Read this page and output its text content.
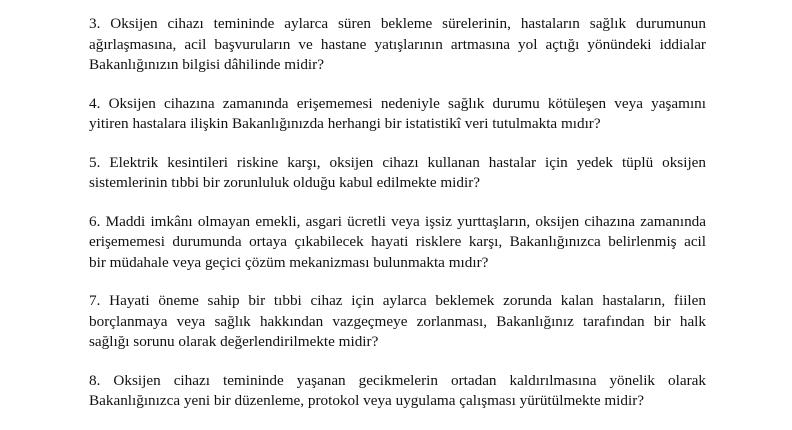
3. Oksijen cihazı temininde aylarca süren bekleme sürelerinin, hastaların sağlık durumunun
ağırlaşmasına, acil başvuruların ve hastane yatışlarının artmasına yol açtığı yönündeki iddialar
Bakanlığınızın bilgisi dâhilinde midir?
4. Oksijen cihazına zamanında erişememesi nedeniyle sağlık durumu kötüleşen veya yaşamını
yitiren hastalara ilişkin Bakanlığınızda herhangi bir istatistikî veri tutulmakta mıdır?
5. Elektrik kesintileri riskine karşı, oksijen cihazı kullanan hastalar için yedek tüplü oksijen
sistemlerinin tıbbi bir zorunluluk olduğu kabul edilmekte midir?
6. Maddi imkânı olmayan emekli, asgari ücretli veya işsiz yurttaşların, oksijen cihazına zamanında
erişememesi durumunda ortaya çıkabilecek hayati risklere karşı, Bakanlığınızca belirlenmiş acil
bir müdahale veya geçici çözüm mekanizması bulunmakta mıdır?
7. Hayati öneme sahip bir tıbbi cihaz için aylarca beklemek zorunda kalan hastaların, fiilen
borçlanmaya veya sağlık hakkından vazgeçmeye zorlanması, Bakanlığınız tarafından bir halk
sağlığı sorunu olarak değerlendirilmekte midir?
8. Oksijen cihazı temininde yaşanan gecikmelerin ortadan kaldırılmasına yönelik olarak
Bakanlığınızca yeni bir düzenleme, protokol veya uygulama çalışması yürütülmekte midir?
